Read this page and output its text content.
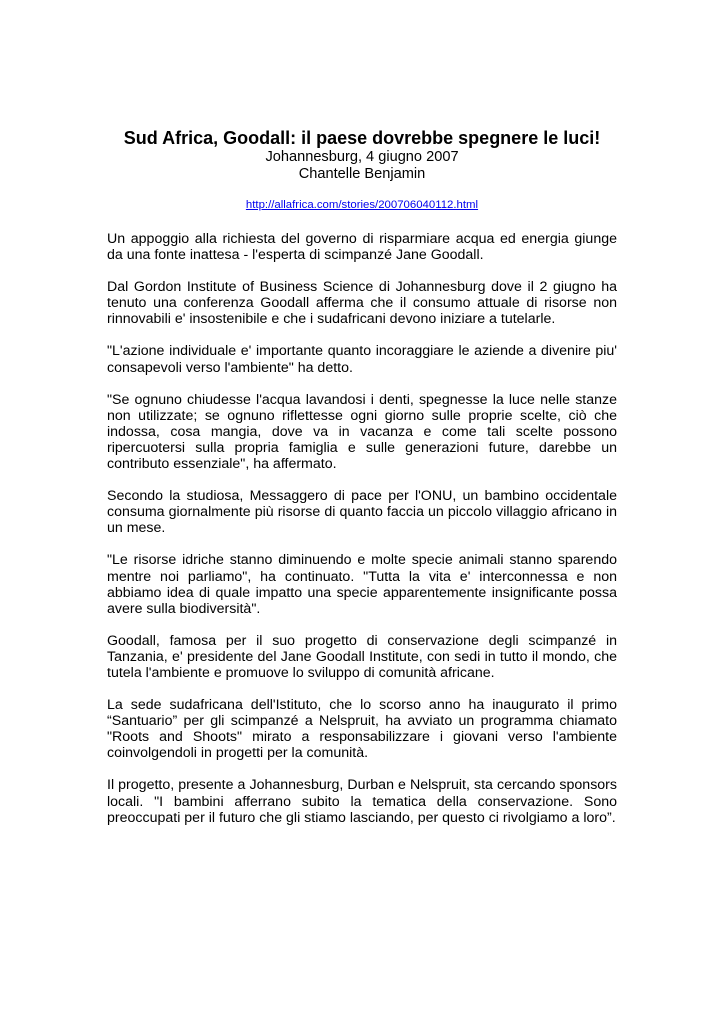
Sud Africa, Goodall: il paese dovrebbe spegnere le luci!

Johannesburg, 4 giugno 2007

Chantelle Benjamin

http://allafrica.com/stories/200706040112.html

Un appoggio alla richiesta del governo di risparmiare acqua ed energia giunge da una fonte inattesa - l'esperta di scimpanzé Jane Goodall.

Dal Gordon Institute of Business Science di Johannesburg dove il 2 giugno ha tenuto una conferenza Goodall afferma che il consumo attuale di risorse non rinnovabili e' insostenibile e che i sudafricani devono iniziare a tutelarle.

"L'azione individuale e' importante quanto incoraggiare le aziende a divenire piu' consapevoli verso l'ambiente" ha detto.

"Se ognuno chiudesse l'acqua lavandosi i denti, spegnesse la luce nelle stanze non utilizzate; se ognuno riflettesse ogni giorno sulle proprie scelte, ciò che indossa, cosa mangia, dove va in vacanza e come tali scelte possono ripercuotersi sulla propria famiglia e sulle generazioni future, darebbe un contributo essenziale", ha affermato.

Secondo la studiosa, Messaggero di pace per l'ONU, un bambino occidentale consuma giornalmente più risorse di quanto faccia un piccolo villaggio africano in un mese.

"Le risorse idriche stanno diminuendo e molte specie animali stanno sparendo mentre noi parliamo", ha continuato. "Tutta la vita e' interconnessa e non abbiamo idea di quale impatto una specie apparentemente insignificante possa avere sulla biodiversità".

Goodall, famosa per il suo progetto di conservazione degli scimpanzé in Tanzania, e' presidente del Jane Goodall Institute, con sedi in tutto il mondo, che tutela l'ambiente e promuove lo sviluppo di comunità africane.

La sede sudafricana dell'Istituto, che lo scorso anno ha inaugurato il primo “Santuario” per gli scimpanzé a Nelspruit, ha avviato un programma chiamato "Roots and Shoots" mirato a responsabilizzare i giovani verso l'ambiente coinvolgendoli in progetti per la comunità.

Il progetto, presente a Johannesburg, Durban e Nelspruit, sta cercando sponsors locali. "I bambini afferrano subito la tematica della conservazione. Sono preoccupati per il futuro che gli stiamo lasciando, per questo ci rivolgiamo a loro”.
